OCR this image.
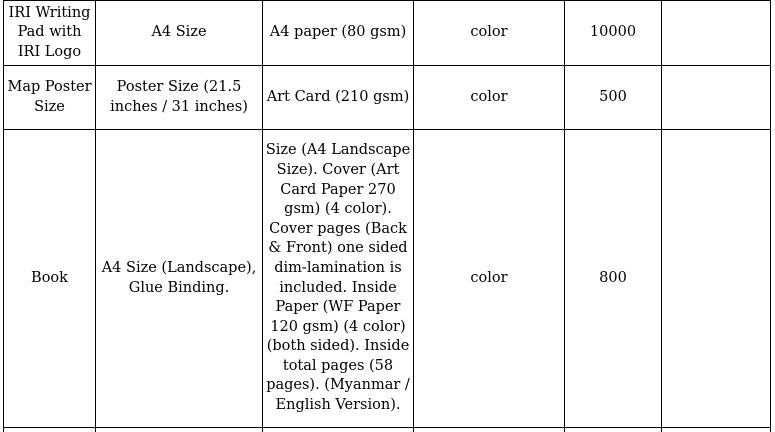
IRI Writing Pad with IRI Logo	A4 Size	A4 paper (80 gsm)	color	10000	

Map Poster Size	Poster Size (21.5 inches / 31 inches)	Art Card (210 gsm)	color	500	

Book	A4 Size (Landscape), Glue Binding.	Size (A4 Landscape Size). Cover (Art Card Paper 270 gsm) (4 color). Cover pages (Back & Front) one sided dim-lamination is included. Inside Paper (WF Paper 120 gsm) (4 color) (both sided). Inside total pages (58 pages). (Myanmar / English Version).	color	800	
